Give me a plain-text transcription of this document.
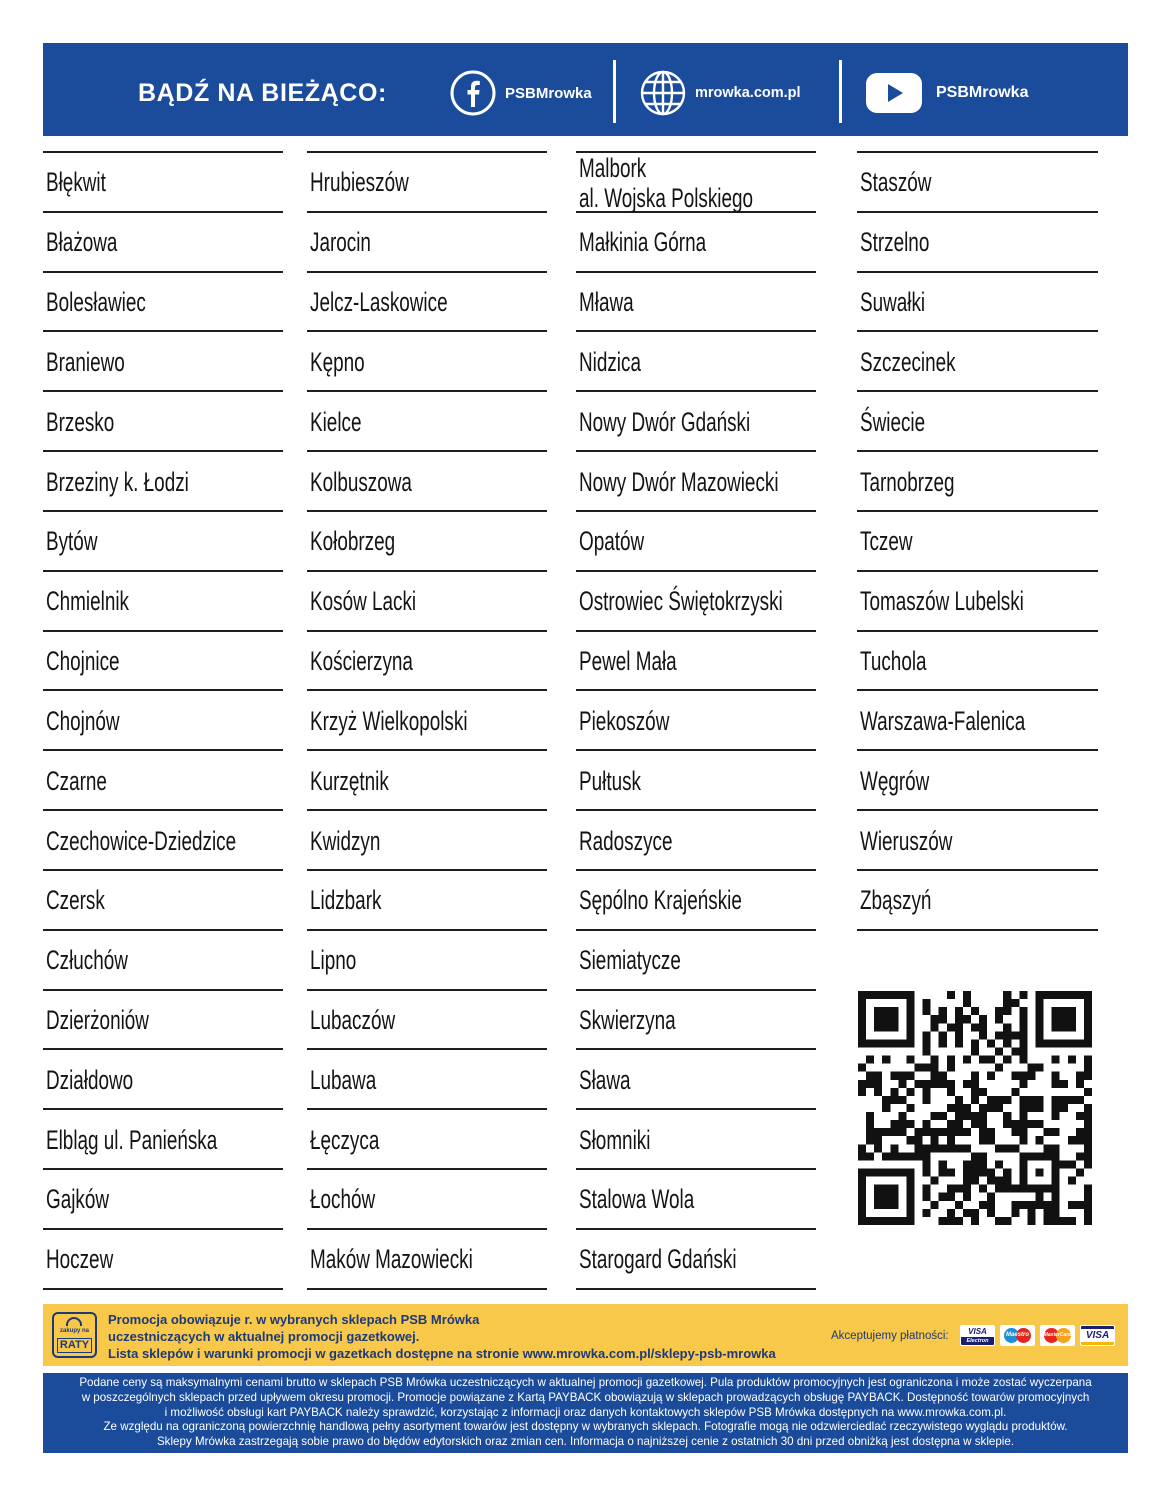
BĄDŹ NA BIEŻĄCO:	PSBMrowka	mrowka.com.pl	PSBMrowka
Błękwit
Błażowa
Bolesławiec
Braniewo
Brzesko
Brzeziny k. Łodzi
Bytów
Chmielnik
Chojnice
Chojnów
Czarne
Czechowice-Dziedzice
Czersk
Człuchów
Dzierżoniów
Działdowo
Elbląg ul. Panieńska
Gajków
Hoczew
Hrubieszów
Jarocin
Jelcz-Laskowice
Kępno
Kielce
Kolbuszowa
Kołobrzeg
Kosów Lacki
Kościerzyna
Krzyż Wielkopolski
Kurzętnik
Kwidzyn
Lidzbark
Lipno
Lubaczów
Lubawa
Łęczyca
Łochów
Maków Mazowiecki
Malbork
al. Wojska Polskiego
Małkinia Górna
Mława
Nidzica
Nowy Dwór Gdański
Nowy Dwór Mazowiecki
Opatów
Ostrowiec Świętokrzyski
Pewel Mała
Piekoszów
Pułtusk
Radoszyce
Sępólno Krajeńskie
Siemiatycze
Skwierzyna
Sława
Słomniki
Stalowa Wola
Starogard Gdański
Staszów
Strzelno
Suwałki
Szczecinek
Świecie
Tarnobrzeg
Tczew
Tomaszów Lubelski
Tuchola
Warszawa-Falenica
Węgrów
Wieruszów
Zbąszyń
zakupy na
RATY
Promocja obowiązuje r. w wybranych sklepach PSB Mrówka
uczestniczących w aktualnej promocji gazetkowej.
Lista sklepów i warunki promocji w gazetkach dostępne na stronie www.mrowka.com.pl/sklepy-psb-mrowka
Akceptujemy płatności:	VISA
Electron
Maestro	MasterCard	VISA
Podane ceny są maksymalnymi cenami brutto w sklepach PSB Mrówka uczestniczących w aktualnej promocji gazetkowej. Pula produktów promocyjnych jest ograniczona i może zostać wyczerpana
w poszczególnych sklepach przed upływem okresu promocji. Promocje powiązane z Kartą PAYBACK obowiązują w sklepach prowadzących obsługę PAYBACK. Dostępność towarów promocyjnych
i możliwość obsługi kart PAYBACK należy sprawdzić, korzystając z informacji oraz danych kontaktowych sklepów PSB Mrówka dostępnych na www.mrowka.com.pl.
Ze względu na ograniczoną powierzchnię handlową pełny asortyment towarów jest dostępny w wybranych sklepach. Fotografie mogą nie odzwierciedlać rzeczywistego wyglądu produktów.
Sklepy Mrówka zastrzegają sobie prawo do błędów edytorskich oraz zmian cen. Informacja o najniższej cenie z ostatnich 30 dni przed obniżką jest dostępna w sklepie.
